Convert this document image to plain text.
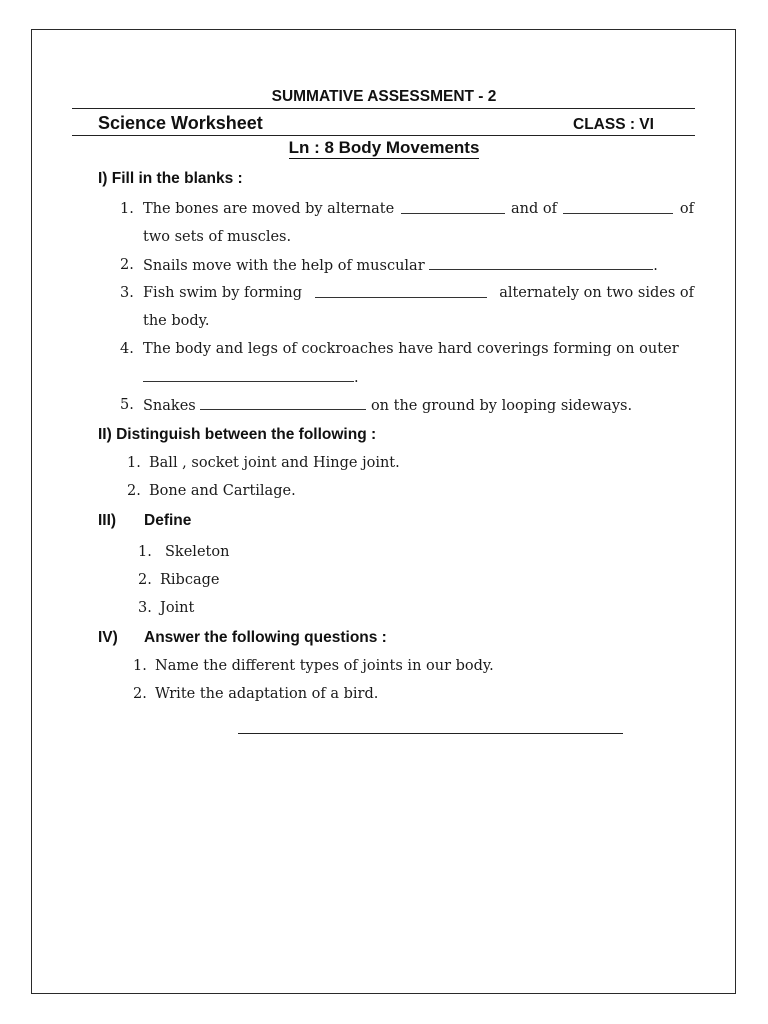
SUMMATIVE ASSESSMENT - 2
Science Worksheet	CLASS : VI
Ln : 8 Body Movements
I) Fill in the blanks :
1. The bones are moved by alternate	and of	of
two sets of muscles.
2. Snails move with the help of muscular	.
3. Fish swim by forming	alternately on two sides of
the body.
4. The body and legs of cockroaches have hard coverings forming on outer
.
5. Snakes	on the ground by looping sideways.
II) Distinguish between the following :
1. Ball , socket joint and Hinge joint.
2. Bone and Cartilage.
III) Define
1. Skeleton
2. Ribcage
3. Joint
IV) Answer the following questions :
1. Name the different types of joints in our body.
2. Write the adaptation of a bird.
